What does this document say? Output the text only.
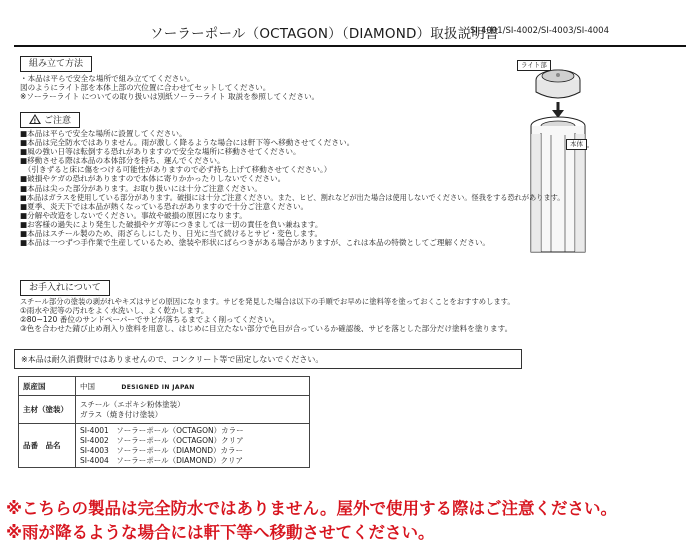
ソーラーポール（OCTAGON）（DIAMOND）取扱説明書
SI-4001/SI-4002/SI-4003/SI-4004
組み立て方法
・本品は平らで安全な場所で組み立ててください。
図のようにライト部を本体上部の穴位置に合わせてセットしてください。
※ソーラーライト についての取り扱いは別紙ソーラーライト 取説を参照してください。
ライト部
本体
!ご注意
■本品は平らで安全な場所に設置してください。
■本品は完全防水ではありません。雨が激しく降るような場合には軒下等へ移動させてください。
■風の強い日等は転倒する恐れがありますので安全な場所に移動させてください。
■移動させる際は本品の本体部分を持ち、運んでください。
　（引きずると床に傷をつける可能性がありますので必ず持ち上げて移動させてください。）
■破損やケガの恐れがありますので本体に寄りかかったりしないでください。
■本品は尖った部分があります。お取り扱いには十分ご注意ください。
■本品はガラスを使用している部分があります。破損には十分ご注意ください。また、ヒビ、割れなどが出た場合は使用しないでください。怪我をする恐れがあります。
■夏季、炎天下では本品が熱くなっている恐れがありますので十分ご注意ください。
■分解や改造をしないでください。事故や破損の原因になります。
■お客様の過失により発生した破損やケガ等につきましては一切の責任を負い兼ねます。
■本品はスチール製のため、雨ざらしにしたり、日光に当て続けるとサビ・変色します。
■本品は一つずつ手作業で生産しているため、塗装や形状にばらつきがある場合がありますが、これは本品の特徴としてご理解ください。
お手入れについて
スチール部分の塗装の剥がれやキズはサビの原因になります。サビを発見した場合は以下の手順でお早めに塗料等を塗っておくことをおすすめします。
①雨水や泥等の汚れをよく水洗いし、よく乾かします。
②80~120 番位のサンドペーパーでサビが落ちるまでよく削ってください。
③色を合わせた錆び止め剤入り塗料を用意し、はじめに目立たない部分で色目が合っているか確認後、サビを落とした部分だけ塗料を塗ります。
※本品は耐久消費財ではありませんので、コンクリート等で固定しないでください。
原産国	中国 DESIGNED IN JAPAN
主材（塗装）	スチール（エポキシ粉体塗装）
ガラス（焼き付け塗装）

品番　品名	SI-4001　ソーラーポール（OCTAGON）カラー
SI-4002　ソーラーポール（OCTAGON）クリア
SI-4003　ソーラーポール（DIAMOND）カラー
SI-4004　ソーラーポール（DIAMOND）クリア
※こちらの製品は完全防水ではありません。屋外で使用する際はご注意ください。
※雨が降るような場合には軒下等へ移動させてください。
